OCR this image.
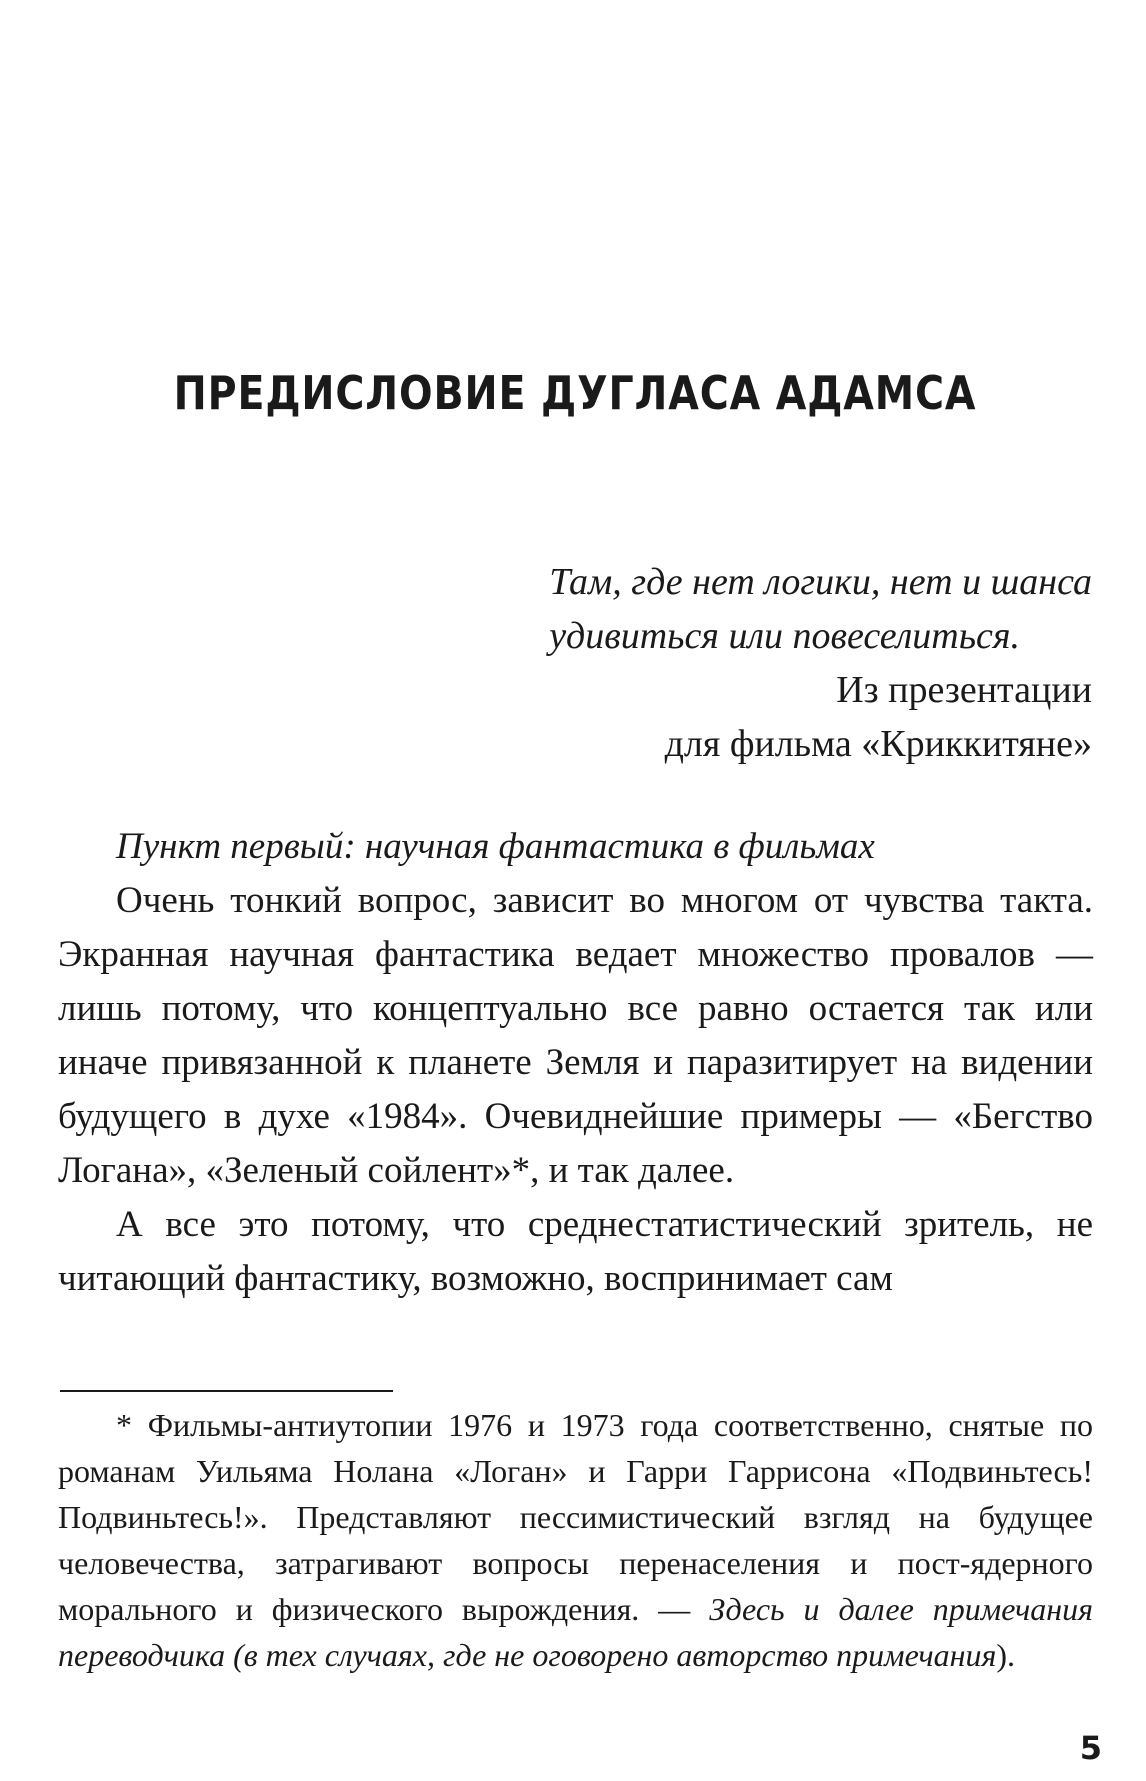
ПРЕДИСЛОВИЕ ДУГЛАСА АДАМСА
Там, где нет логики, нет и шанса
удивиться или повеселиться.
Из презентации
для фильма «Криккитяне»

Пункт первый: научная фантастика в фильмах

Очень тонкий вопрос, зависит во многом от чувства такта. Экранная научная фантастика ведает множество провалов — лишь потому, что концептуально все равно остается так или иначе привязанной к планете Земля и паразитирует на видении будущего в духе «1984». Очевиднейшие примеры — «Бегство Логана», «Зеленый сойлент»*, и так далее.

А все это потому, что среднестатистический зритель, не читающий фантастику, возможно, воспринимает сам

* Фильмы-антиутопии 1976 и 1973 года соответственно, снятые по романам Уильяма Нолана «Логан» и Гарри Гаррисона «Подвиньтесь! Подвиньтесь!». Представляют пессимистический взгляд на будущее человечества, затрагивают вопросы перенаселения и пост-ядерного морального и физического вырождения. — Здесь и далее примечания переводчика (в тех случаях, где не оговорено авторство примечания).

5
